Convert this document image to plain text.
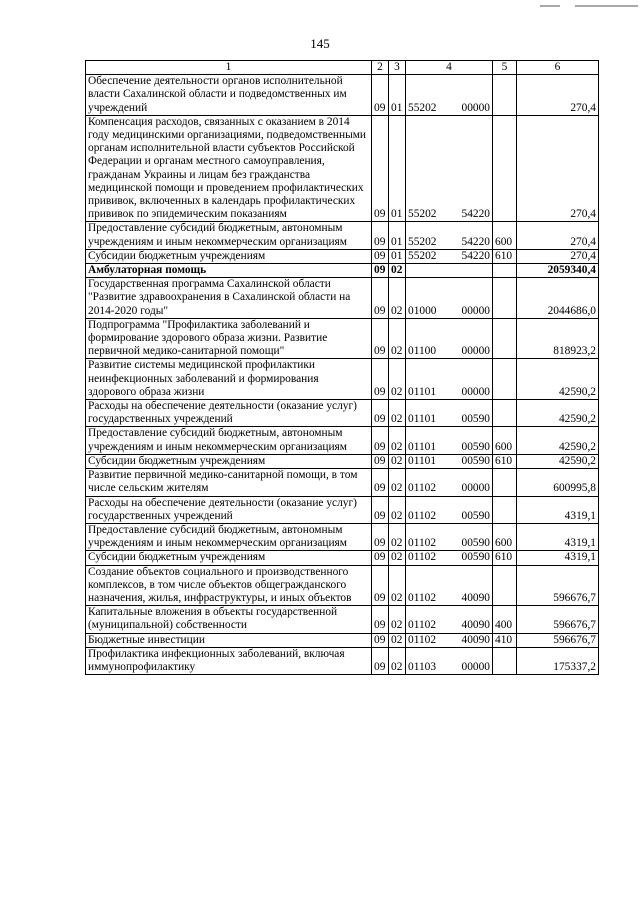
145
1	2	3	4	5	6
Обеспечение деятельности органов исполнительной власти Сахалинской области и подведомственных им учреждений	09	01	55202 00000		270,4
Компенсация расходов, связанных с оказанием в 2014 году медицинскими организациями, подведомственными органам исполнительной власти субъектов Российской Федерации и органам местного самоуправления, гражданам Украины и лицам без гражданства медицинской помощи и проведением профилактических прививок, включенных в календарь профилактических прививок по эпидемическим показаниям	09	01	55202 54220		270,4
Предоставление субсидий бюджетным, автономным учреждениям и иным некоммерческим организациям	09	01	55202 54220	600	270,4
Субсидии бюджетным учреждениям	09	01	55202 54220	610	270,4
Амбулаторная помощь	09	02			2059340,4
Государственная программа Сахалинской области "Развитие здравоохранения в Сахалинской области на 2014-2020 годы"	09	02	01000 00000		2044686,0
Подпрограмма "Профилактика заболеваний и формирование здорового образа жизни. Развитие первичной медико-санитарной помощи"	09	02	01100 00000		818923,2
Развитие системы медицинской профилактики неинфекционных заболеваний и формирования здорового образа жизни	09	02	01101 00000		42590,2
Расходы на обеспечение деятельности (оказание услуг) государственных учреждений	09	02	01101 00590		42590,2
Предоставление субсидий бюджетным, автономным учреждениям и иным некоммерческим организациям	09	02	01101 00590	600	42590,2
Субсидии бюджетным учреждениям	09	02	01101 00590	610	42590,2
Развитие первичной медико-санитарной помощи, в том числе сельским жителям	09	02	01102 00000		600995,8
Расходы на обеспечение деятельности (оказание услуг) государственных учреждений	09	02	01102 00590		4319,1
Предоставление субсидий бюджетным, автономным учреждениям и иным некоммерческим организациям	09	02	01102 00590	600	4319,1
Субсидии бюджетным учреждениям	09	02	01102 00590	610	4319,1
Создание объектов социального и производственного комплексов, в том числе объектов общегражданского назначения, жилья, инфраструктуры, и иных объектов	09	02	01102 40090		596676,7
Капитальные вложения в объекты государственной (муниципальной) собственности	09	02	01102 40090	400	596676,7
Бюджетные инвестиции	09	02	01102 40090	410	596676,7
Профилактика инфекционных заболеваний, включая иммунопрофилактику	09	02	01103 00000		175337,2
